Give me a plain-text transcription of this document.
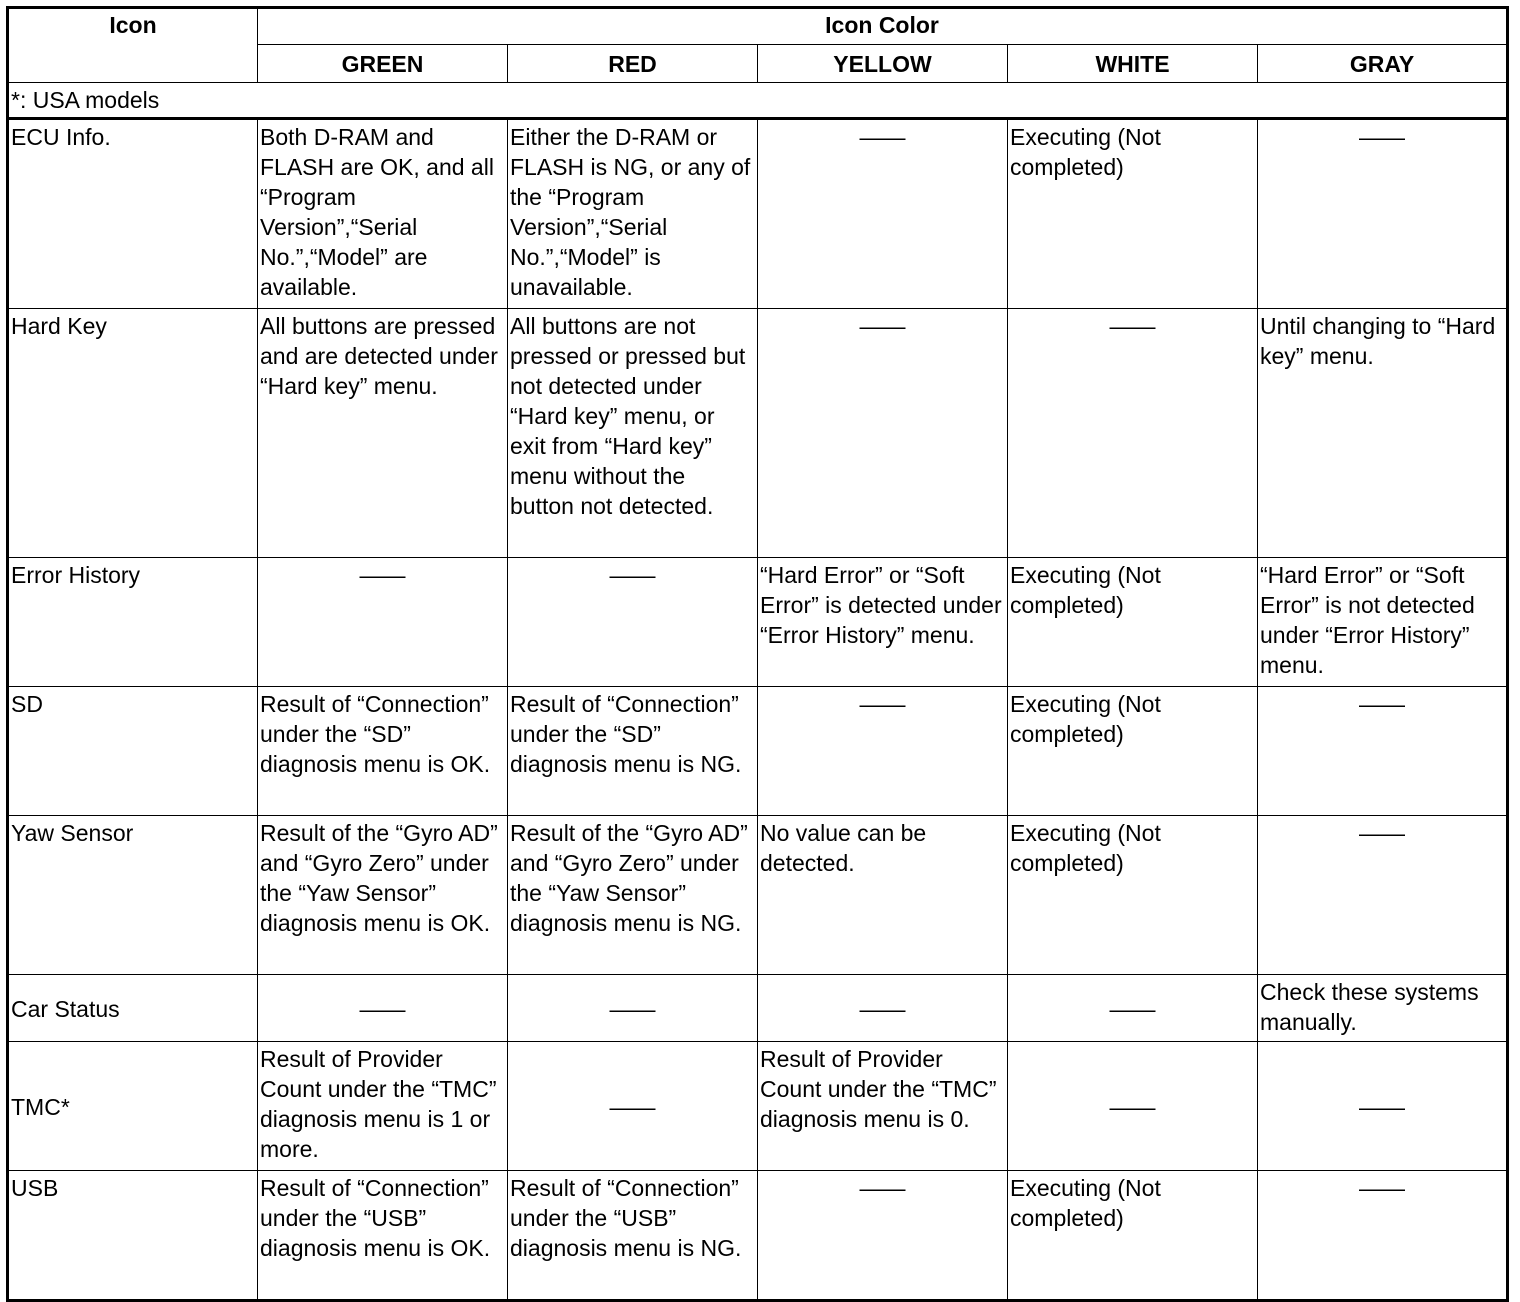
Icon	Icon Color				
	GREEN	RED	YELLOW	WHITE	GRAY
*: USA models					
ECU Info.	Both D-RAM and FLASH are OK, and all “Program Version”,“Serial No.”,“Model” are available.	Either the D-RAM or FLASH is NG, or any of the “Program Version”,“Serial No.”,“Model” is unavailable.	——	Executing (Not completed)	——
Hard Key	All buttons are pressed and are detected under “Hard key” menu.	All buttons are not pressed or pressed but not detected under “Hard key” menu, or exit from “Hard key” menu without the button not detected.	——	——	Until changing to “Hard key” menu.
Error History	——	——	“Hard Error” or “Soft Error” is detected under “Error History” menu.	Executing (Not completed)	“Hard Error” or “Soft Error” is not detected under “Error History” menu.
SD	Result of “Connection” under the “SD” diagnosis menu is OK.	Result of “Connection” under the “SD” diagnosis menu is NG.	——	Executing (Not completed)	——
Yaw Sensor	Result of the “Gyro AD” and “Gyro Zero” under the “Yaw Sensor” diagnosis menu is OK.	Result of the “Gyro AD” and “Gyro Zero” under the “Yaw Sensor” diagnosis menu is NG.	No value can be detected.	Executing (Not completed)	——
Car Status	——	——	——	——	Check these systems manually.
TMC*	Result of Provider Count under the “TMC” diagnosis menu is 1 or more.	——	Result of Provider Count under the “TMC” diagnosis menu is 0.	——	——
USB	Result of “Connection” under the “USB” diagnosis menu is OK.	Result of “Connection” under the “USB” diagnosis menu is NG.	——	Executing (Not completed)	——
